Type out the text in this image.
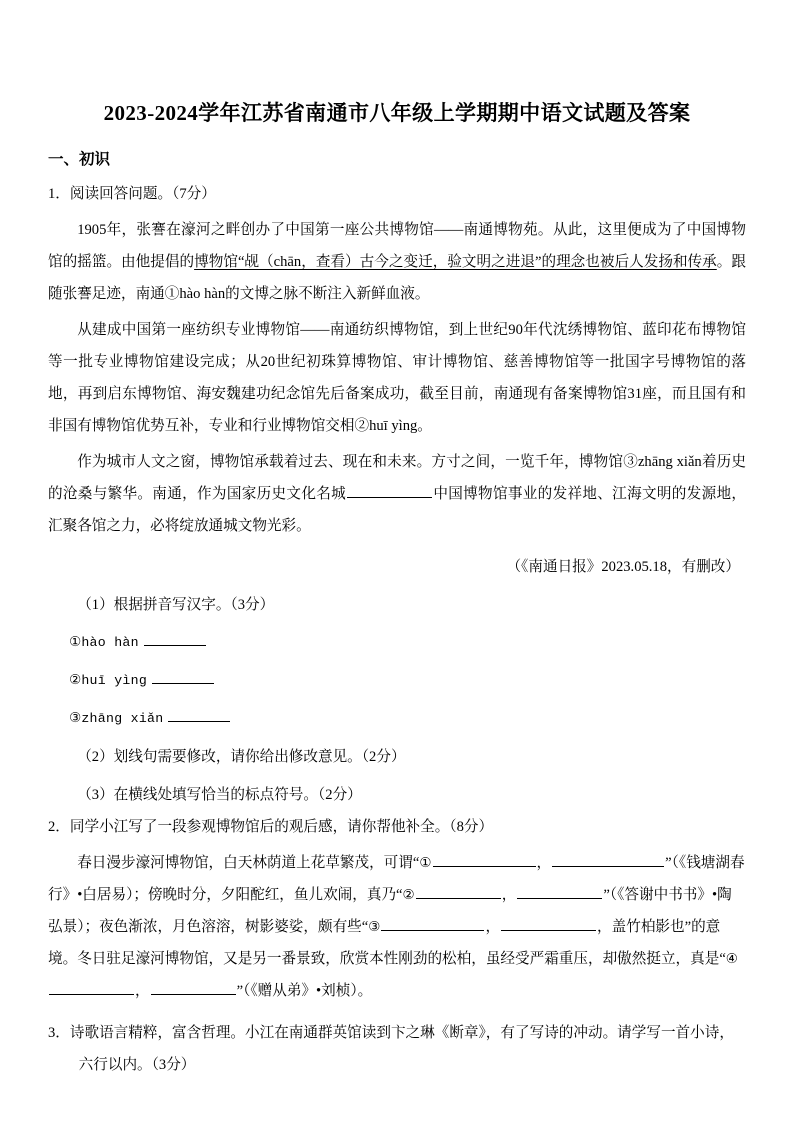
2023-2024学年江苏省南通市八年级上学期期中语文试题及答案
一、初识

1．阅读回答问题。（7分）

1905年，张謇在濠河之畔创办了中国第一座公共博物馆——南通博物苑。从此，这里便成为了中国博物馆的摇篮。由他提倡的博物馆“觇（chān，查看）古今之变迁，验文明之进退”的理念也被后人发扬和传承。跟随张謇足迹，南通①hào hàn的文博之脉不断注入新鲜血液。

从建成中国第一座纺织专业博物馆——南通纺织博物馆，到上世纪90年代沈绣博物馆、蓝印花布博物馆等一批专业博物馆建设完成；从20世纪初珠算博物馆、审计博物馆、慈善博物馆等一批国字号博物馆的落地，再到启东博物馆、海安魏建功纪念馆先后备案成功，截至目前，南通现有备案博物馆31座，而且国有和非国有博物馆优势互补，专业和行业博物馆交相②huī yìng。

作为城市人文之窗，博物馆承载着过去、现在和未来。方寸之间，一览千年，博物馆③zhāng xiǎn着历史的沧桑与繁华。南通，作为国家历史文化名城	中国博物馆事业的发祥地、江海文明的发源地，汇聚各馆之力，必将绽放通城文物光彩。

（《南通日报》2023.05.18，有删改）

（1）根据拼音写汉字。（3分）

①hào hàn

②huī yìng

③zhāng xiǎn

（2）划线句需要修改，请你给出修改意见。（2分）

（3）在横线处填写恰当的标点符号。（2分）

2．同学小江写了一段参观博物馆后的观后感，请你帮他补全。（8分）

春日漫步濠河博物馆，白天林荫道上花草繁茂，可谓“①	，	”（《钱塘湖春行》•白居易）；傍晚时分，夕阳酡红，鱼儿欢闹，真乃“②	，	”（《答谢中书书》•陶弘景）；夜色渐浓，月色溶溶，树影婆娑，颇有些“③	，	，盖竹柏影也”的意境。冬日驻足濠河博物馆，又是另一番景致，欣赏本性刚劲的松柏，虽经受严霜重压，却傲然挺立，真是“④，	”（《赠从弟》•刘桢）。

3．诗歌语言精粹，富含哲理。小江在南通群英馆读到卞之琳《断章》，有了写诗的冲动。请学写一首小诗，

六行以内。（3分）
